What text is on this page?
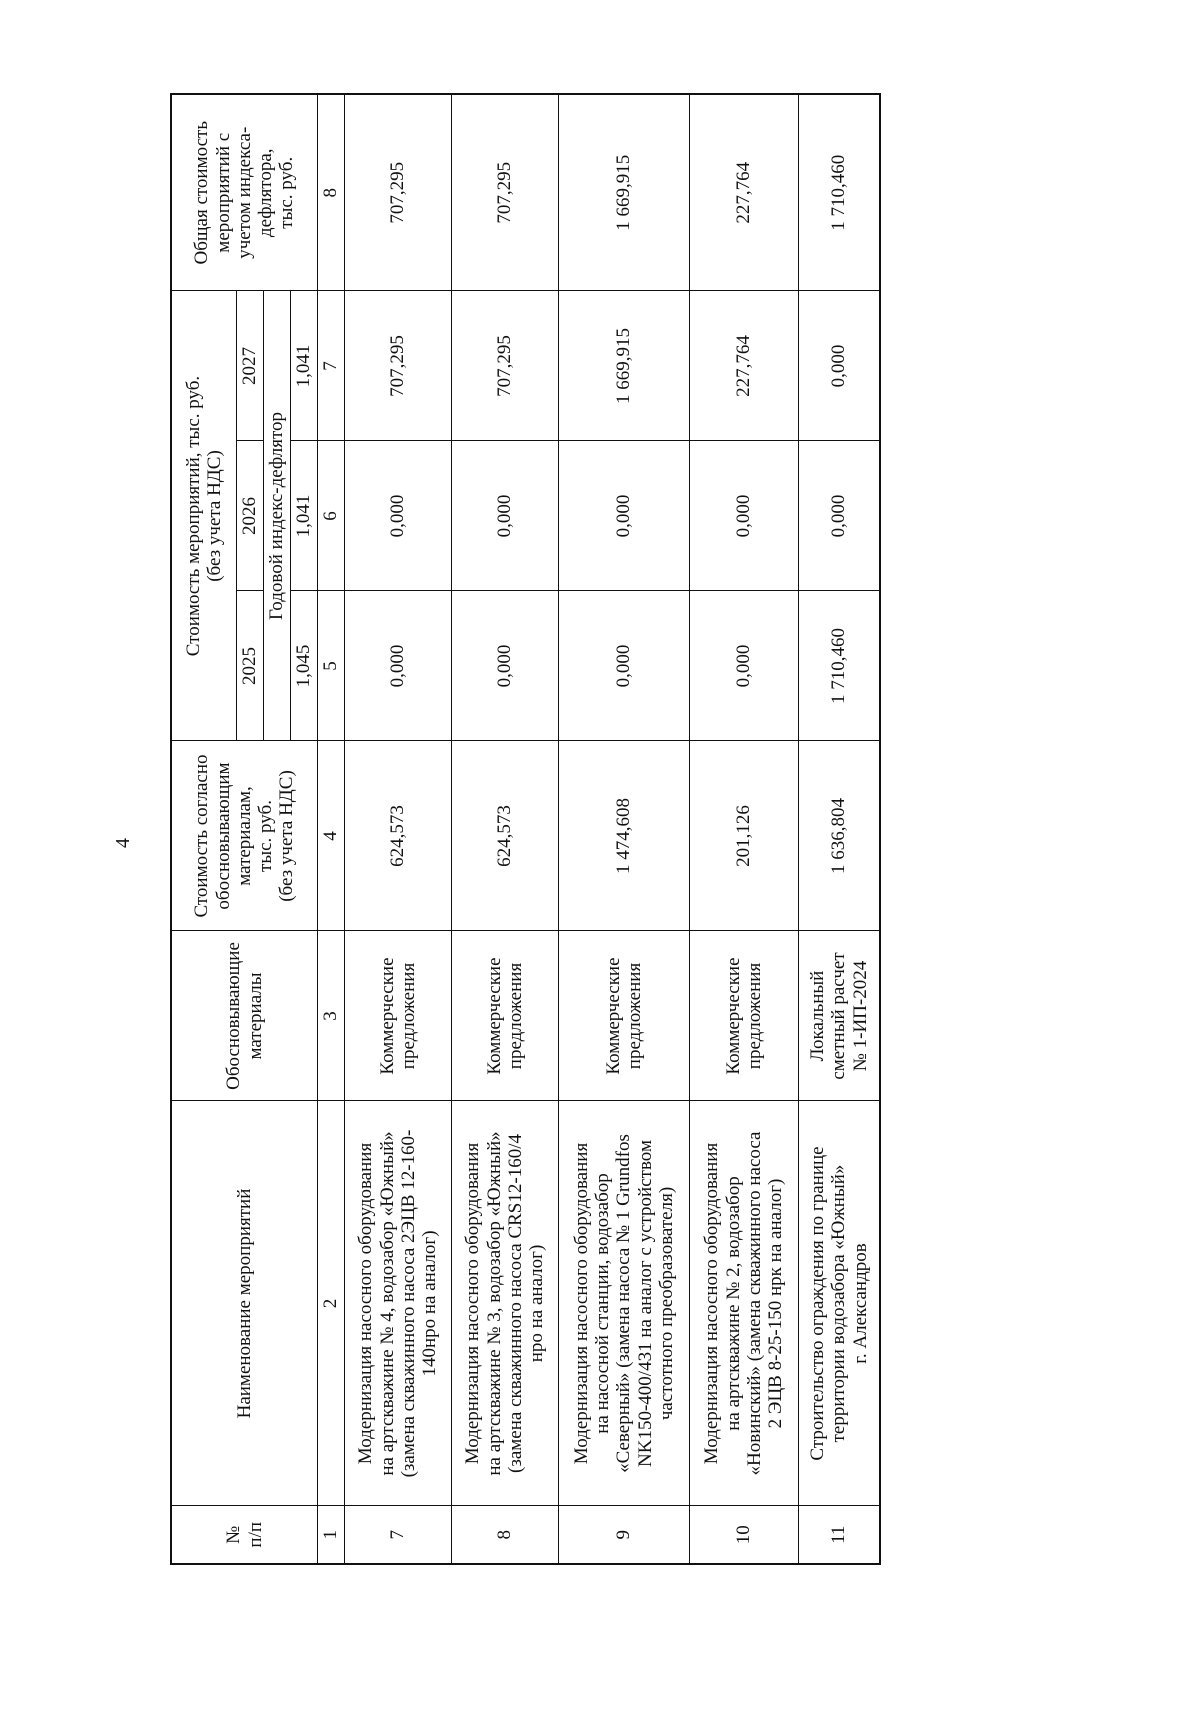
4
№
п/п	Наименование мероприятий	Обосновывающие
материалы	Стоимость согласно
обосновывающим
материалам,
тыс. руб.
(без учета НДС)	Стоимость мероприятий, тыс. руб.
(без учета НДС)			Общая стоимость
мероприятий с
учетом индекса-
дефлятора,
тыс. руб.
				2025	2026	2027	
				Годовой индекс-дефлятор			
				1,045	1,041	1,041	
1	2	3	4	5	6	7	8
7	Модернизация насосного оборудования
на артскважине № 4, водозабор «Южный»
(замена скважинного насоса 2ЭЦВ 12-160-
140нро на аналог)	Коммерческие
предложения	624,573	0,000	0,000	707,295	707,295
8	Модернизация насосного оборудования
на артскважине № 3, водозабор «Южный»
(замена скважинного насоса CRS12-160/4
нро на аналог)	Коммерческие
предложения	624,573	0,000	0,000	707,295	707,295
9	Модернизация насосного оборудования
на насосной станции, водозабор
«Северный» (замена насоса № 1 Grundfos
NK150-400/431 на аналог с устройством
частотного преобразователя)	Коммерческие
предложения	1 474,608	0,000	0,000	1 669,915	1 669,915
10	Модернизация насосного оборудования
на артскважине № 2, водозабор
«Новинский» (замена скважинного насоса
2 ЭЦВ 8-25-150 нрк на аналог)	Коммерческие
предложения	201,126	0,000	0,000	227,764	227,764
11	Строительство ограждения по границе
территории водозабора «Южный»
г. Александров	Локальный
сметный расчет
№ 1-ИП-2024	1 636,804	1 710,460	0,000	0,000	1 710,460
